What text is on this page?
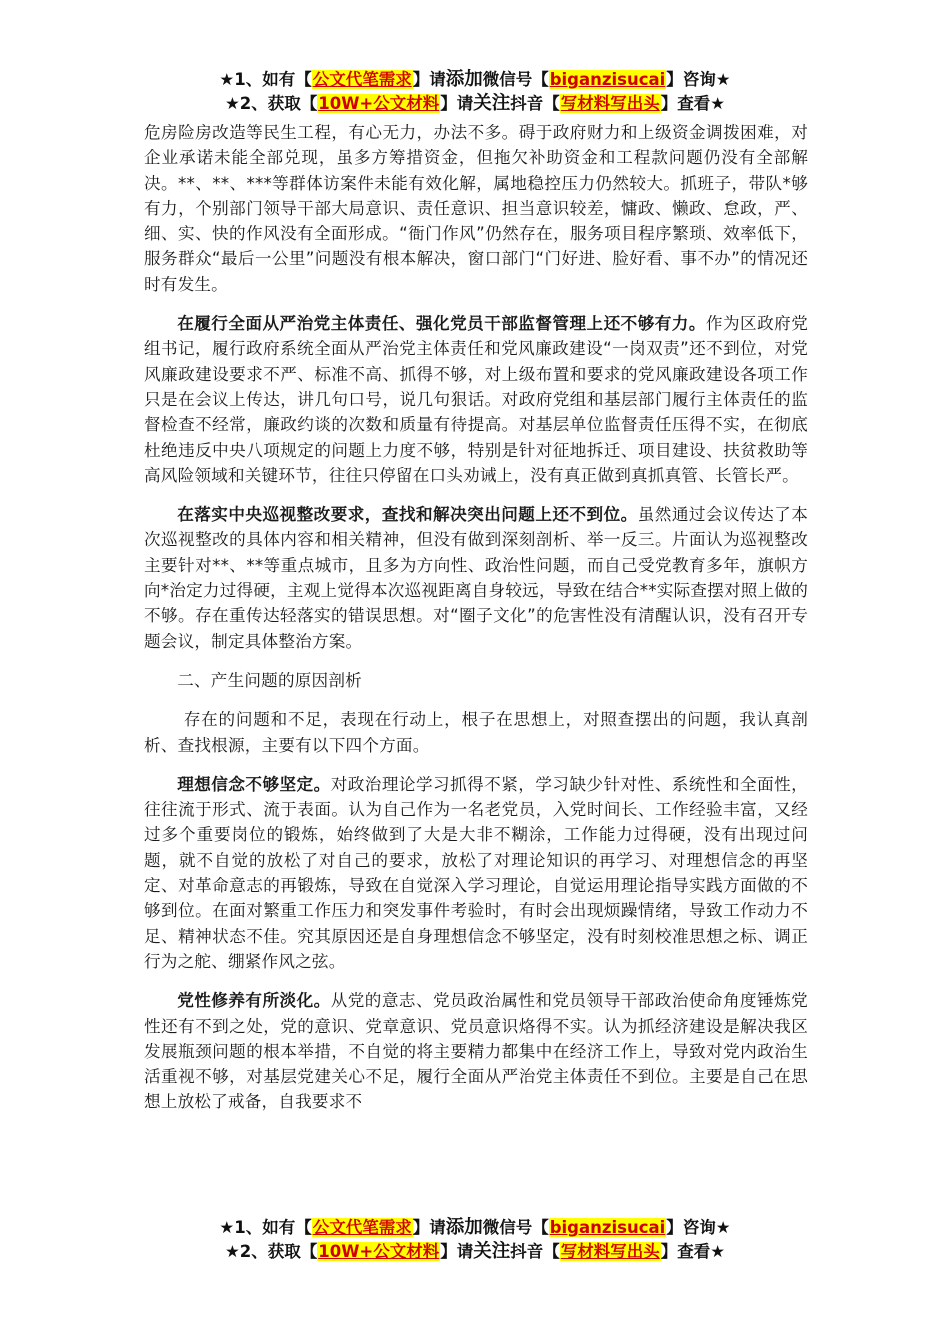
★1、如有【公文代笔需求】请添加微信号【biganzisucai】咨询★
★2、获取【10W+公文材料】请关注抖音【写材料写出头】查看★

危房险房改造等民生工程，有心无力，办法不多。碍于政府财力和上级资金调拨困难，对企业承诺未能全部兑现，虽多方筹措资金，但拖欠补助资金和工程款问题仍没有全部解决。**、**、***等群体访案件未能有效化解，属地稳控压力仍然较大。抓班子，带队*够有力，个别部门领导干部大局意识、责任意识、担当意识较差，慵政、懒政、怠政，严、细、实、快的作风没有全面形成。“衙门作风”仍然存在，服务项目程序繁琐、效率低下，服务群众“最后一公里”问题没有根本解决，窗口部门“门好进、脸好看、事不办”的情况还时有发生。

在履行全面从严治党主体责任、强化党员干部监督管理上还不够有力。作为区政府党组书记，履行政府系统全面从严治党主体责任和党风廉政建设“一岗双责”还不到位，对党风廉政建设要求不严、标准不高、抓得不够，对上级布置和要求的党风廉政建设各项工作只是在会议上传达，讲几句口号，说几句狠话。对政府党组和基层部门履行主体责任的监督检查不经常，廉政约谈的次数和质量有待提高。对基层单位监督责任压得不实，在彻底杜绝违反中央八项规定的问题上力度不够，特别是针对征地拆迁、项目建设、扶贫救助等高风险领域和关键环节，往往只停留在口头劝诫上，没有真正做到真抓真管、长管长严。

在落实中央巡视整改要求，查找和解决突出问题上还不到位。虽然通过会议传达了本次巡视整改的具体内容和相关精神，但没有做到深刻剖析、举一反三。片面认为巡视整改主要针对**、**等重点城市，且多为方向性、政治性问题，而自己受党教育多年，旗帜方向*治定力过得硬，主观上觉得本次巡视距离自身较远，导致在结合**实际查摆对照上做的不够。存在重传达轻落实的错误思想。对“圈子文化”的危害性没有清醒认识，没有召开专题会议，制定具体整治方案。

二、产生问题的原因剖析

存在的问题和不足，表现在行动上，根子在思想上，对照查摆出的问题，我认真剖析、查找根源，主要有以下四个方面。

理想信念不够坚定。对政治理论学习抓得不紧，学习缺少针对性、系统性和全面性，往往流于形式、流于表面。认为自己作为一名老党员，入党时间长、工作经验丰富，又经过多个重要岗位的锻炼，始终做到了大是大非不糊涂，工作能力过得硬，没有出现过问题，就不自觉的放松了对自己的要求，放松了对理论知识的再学习、对理想信念的再坚定、对革命意志的再锻炼，导致在自觉深入学习理论，自觉运用理论指导实践方面做的不够到位。在面对繁重工作压力和突发事件考验时，有时会出现烦躁情绪，导致工作动力不足、精神状态不佳。究其原因还是自身理想信念不够坚定，没有时刻校准思想之标、调正行为之舵、绷紧作风之弦。

党性修养有所淡化。从党的意志、党员政治属性和党员领导干部政治使命角度锤炼党性还有不到之处，党的意识、党章意识、党员意识烙得不实。认为抓经济建设是解决我区发展瓶颈问题的根本举措，不自觉的将主要精力都集中在经济工作上，导致对党内政治生活重视不够，对基层党建关心不足，履行全面从严治党主体责任不到位。主要是自己在思想上放松了戒备，自我要求不

★1、如有【公文代笔需求】请添加微信号【biganzisucai】咨询★
★2、获取【10W+公文材料】请关注抖音【写材料写出头】查看★
